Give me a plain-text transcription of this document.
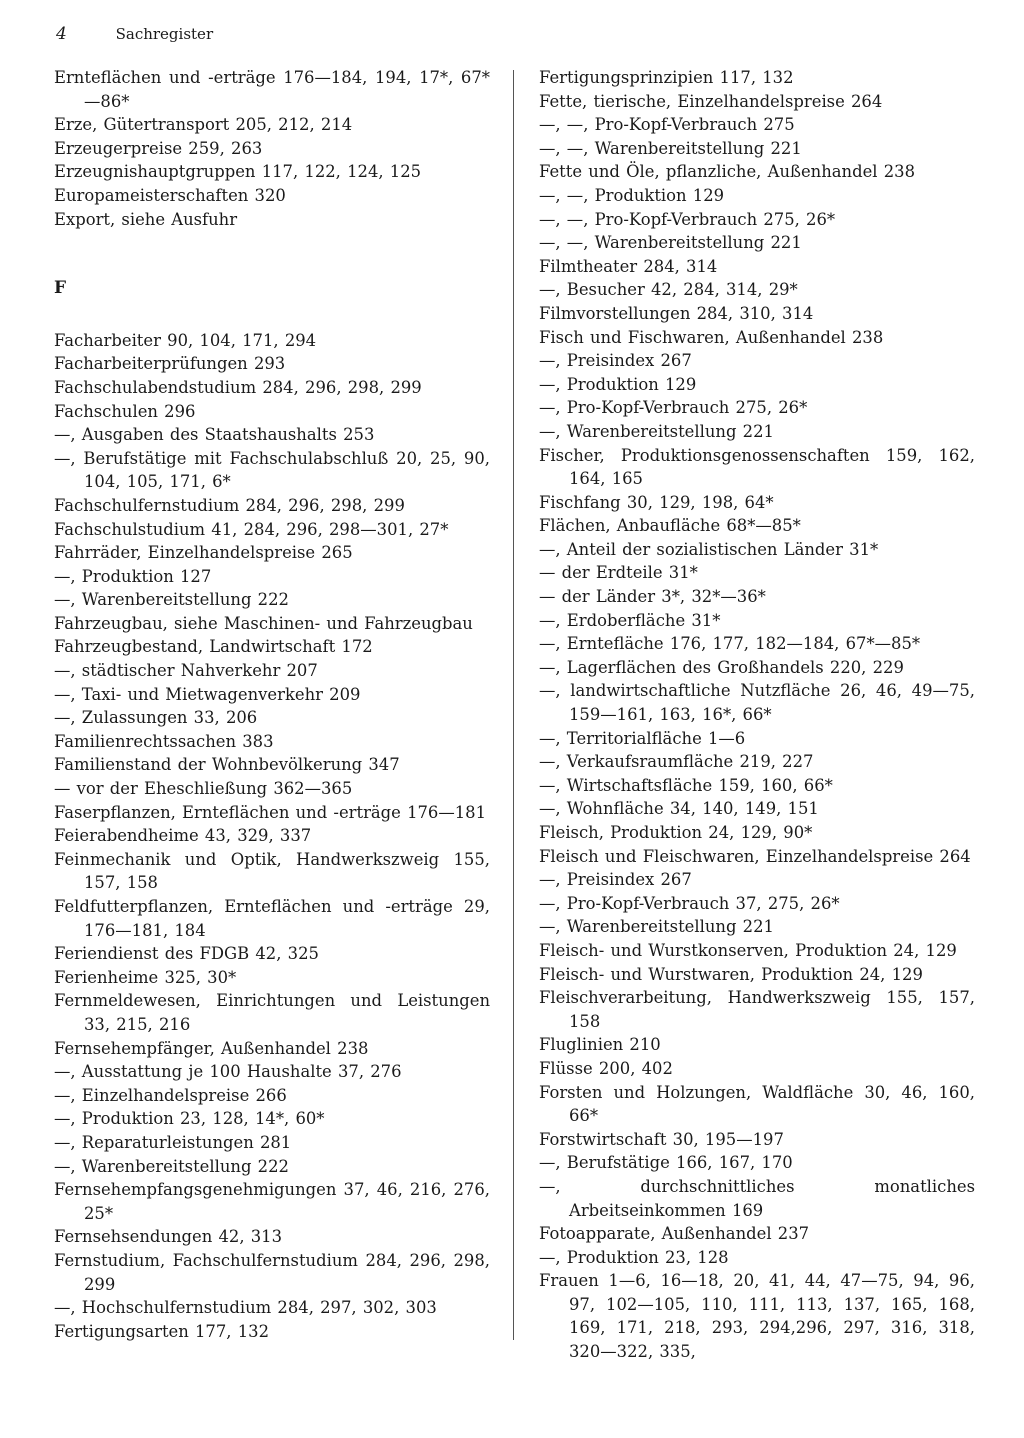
4	Sachregister
Ernteflächen und -erträge 176—184, 194, 17*, 67*—86*
Erze, Gütertransport 205, 212, 214
Erzeugerpreise 259, 263
Erzeugnishauptgruppen 117, 122, 124, 125
Europameisterschaften 320
Export, siehe Ausfuhr
F
Facharbeiter 90, 104, 171, 294
Facharbeiterprüfungen 293
Fachschulabendstudium 284, 296, 298, 299
Fachschulen 296
—, Ausgaben des Staatshaushalts 253
—, Berufstätige mit Fachschulabschluß 20, 25, 90, 104, 105, 171, 6*
Fachschulfernstudium 284, 296, 298, 299
Fachschulstudium 41, 284, 296, 298—301, 27*
Fahrräder, Einzelhandelspreise 265
—, Produktion 127
—, Warenbereitstellung 222
Fahrzeugbau, siehe Maschinen- und Fahrzeugbau
Fahrzeugbestand, Landwirtschaft 172
—, städtischer Nahverkehr 207
—, Taxi- und Mietwagenverkehr 209
—, Zulassungen 33, 206
Familienrechtssachen 383
Familienstand der Wohnbevölkerung 347
— vor der Eheschließung 362—365
Faserpflanzen, Ernteflächen und -erträge 176—181
Feierabendheime 43, 329, 337
Feinmechanik und Optik, Handwerkszweig 155, 157, 158
Feldfutterpflanzen, Ernteflächen und -erträge 29, 176—181, 184
Feriendienst des FDGB 42, 325
Ferienheime 325, 30*
Fernmeldewesen, Einrichtungen und Leistungen 33, 215, 216
Fernsehempfänger, Außenhandel 238
—, Ausstattung je 100 Haushalte 37, 276
—, Einzelhandelspreise 266
—, Produktion 23, 128, 14*, 60*
—, Reparaturleistungen 281
—, Warenbereitstellung 222
Fernsehempfangsgenehmigungen 37, 46, 216, 276, 25*
Fernsehsendungen 42, 313
Fernstudium, Fachschulfernstudium 284, 296, 298, 299
—, Hochschulfernstudium 284, 297, 302, 303
Fertigungsarten 177, 132
Fertigungsprinzipien 117, 132
Fette, tierische, Einzelhandelspreise 264
—, —, Pro-Kopf-Verbrauch 275
—, —, Warenbereitstellung 221
Fette und Öle, pflanzliche, Außenhandel 238
—, —, Produktion 129
—, —, Pro-Kopf-Verbrauch 275, 26*
—, —, Warenbereitstellung 221
Filmtheater 284, 314
—, Besucher 42, 284, 314, 29*
Filmvorstellungen 284, 310, 314
Fisch und Fischwaren, Außenhandel 238
—, Preisindex 267
—, Produktion 129
—, Pro-Kopf-Verbrauch 275, 26*
—, Warenbereitstellung 221
Fischer, Produktionsgenossenschaften 159, 162, 164, 165
Fischfang 30, 129, 198, 64*
Flächen, Anbaufläche 68*—85*
—, Anteil der sozialistischen Länder 31*
— der Erdteile 31*
— der Länder 3*, 32*—36*
—, Erdoberfläche 31*
—, Erntefläche 176, 177, 182—184, 67*—85*
—, Lagerflächen des Großhandels 220, 229
—, landwirtschaftliche Nutzfläche 26, 46, 49—75, 159—161, 163, 16*, 66*
—, Territorialfläche 1—6
—, Verkaufsraumfläche 219, 227
—, Wirtschaftsfläche 159, 160, 66*
—, Wohnfläche 34, 140, 149, 151
Fleisch, Produktion 24, 129, 90*
Fleisch und Fleischwaren, Einzelhandelspreise 264
—, Preisindex 267
—, Pro-Kopf-Verbrauch 37, 275, 26*
—, Warenbereitstellung 221
Fleisch- und Wurstkonserven, Produktion 24, 129
Fleisch- und Wurstwaren, Produktion 24, 129
Fleischverarbeitung, Handwerkszweig 155, 157, 158
Fluglinien 210
Flüsse 200, 402
Forsten und Holzungen, Waldfläche 30, 46, 160, 66*
Forstwirtschaft 30, 195—197
—, Berufstätige 166, 167, 170
—, durchschnittliches monatliches Arbeitseinkommen 169
Fotoapparate, Außenhandel 237
—, Produktion 23, 128
Frauen 1—6, 16—18, 20, 41, 44, 47—75, 94, 96, 97, 102—105, 110, 111, 113, 137, 165, 168, 169, 171, 218, 293, 294,296, 297, 316, 318, 320—322, 335,
